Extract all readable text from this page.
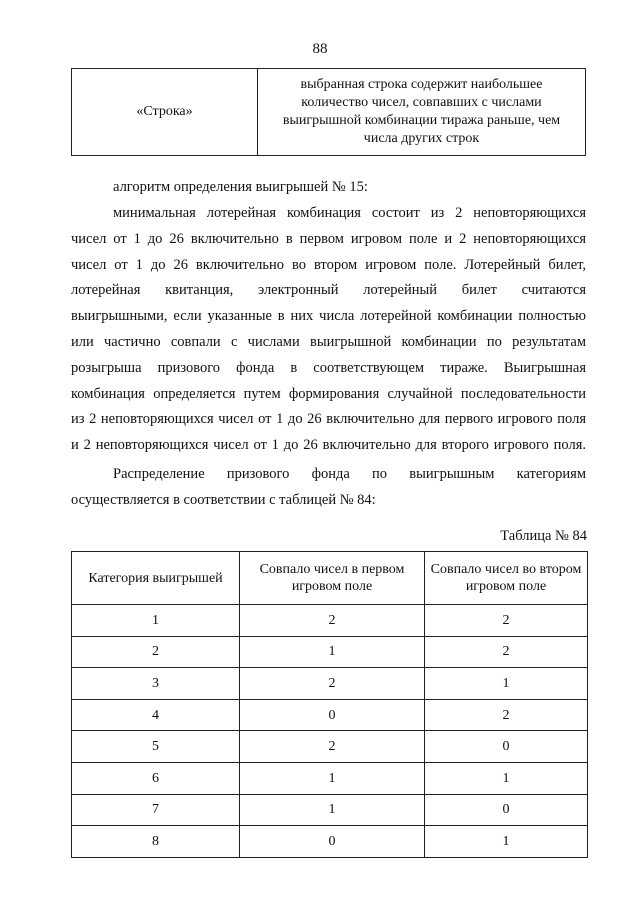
88
«Строка»	выбранная строка содержит наибольшее количество чисел, совпавших с числами выигрышной комбинации тиража раньше, чем числа других строк

алгоритм определения выигрышей № 15:

минимальная лотерейная комбинация состоит из 2 неповторяющихся
чисел от 1 до 26 включительно в первом игровом поле и 2 неповторяющихся
чисел от 1 до 26 включительно во втором игровом поле. Лотерейный билет,
лотерейная квитанция, электронный лотерейный билет считаются
выигрышными, если указанные в них числа лотерейной комбинации полностью
или частично совпали с числами выигрышной комбинации по результатам
розыгрыша призового фонда в соответствующем тираже. Выигрышная
комбинация определяется путем формирования случайной последовательности
из 2 неповторяющихся чисел от 1 до 26 включительно для первого игрового поля
и 2 неповторяющихся чисел от 1 до 26 включительно для второго игрового поля.
Распределение призового фонда по выигрышным категориям
осуществляется в соответствии с таблицей № 84:
Таблица № 84
Категория выигрышей	Совпало чисел в первом игровом поле	Совпало чисел во втором игровом поле
1	2	2
2	1	2
3	2	1
4	0	2
5	2	0
6	1	1
7	1	0
8	0	1
